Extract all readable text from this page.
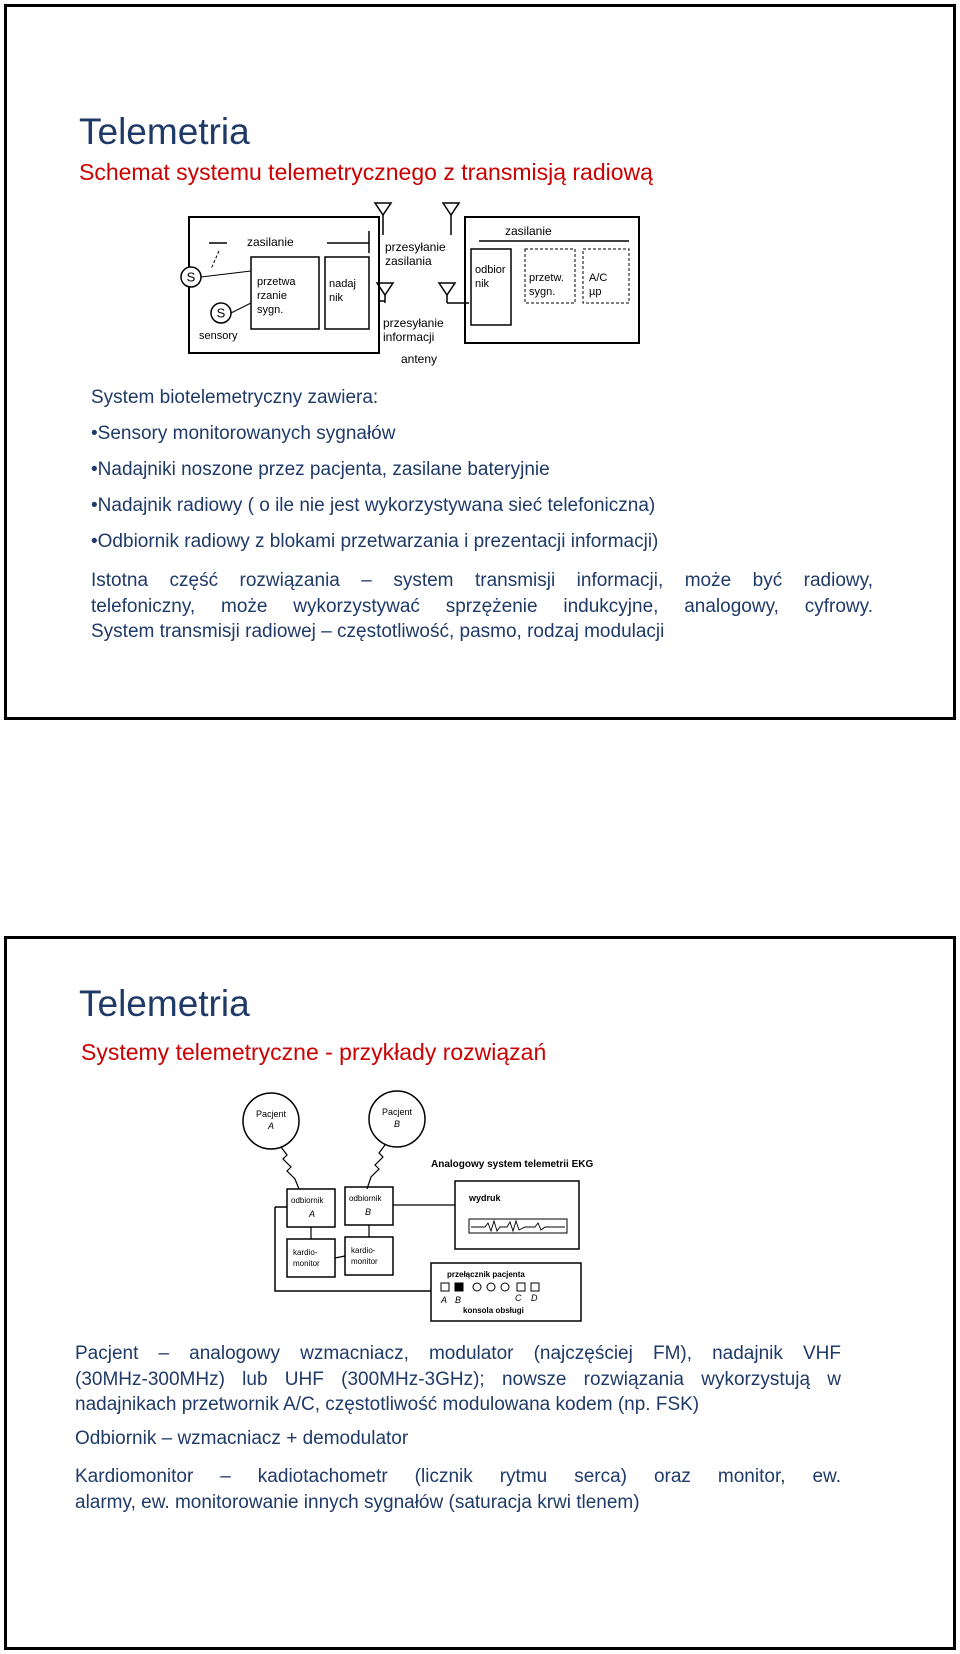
Telemetria
Schemat systemu telemetrycznego z transmisją radiową
zasilanie
S
S
sensory
przetwa
rzanie
sygn.
nadaj
nik
przesyłanie
zasilania
przesyłanie
informacji
anteny
zasilanie
odbior
nik	przetw.
sygn.
A/C
µp
System biotelemetryczny zawiera:
•Sensory monitorowanych sygnałów
•Nadajniki noszone przez pacjenta, zasilane bateryjnie
•Nadajnik radiowy ( o ile nie jest wykorzystywana sieć telefoniczna)
•Odbiornik radiowy z blokami przetwarzania i prezentacji informacji)
Istotna część rozwiązania – system transmisji informacji, może być radiowy,
telefoniczny, może wykorzystywać sprzężenie indukcyjne, analogowy, cyfrowy.
System transmisji radiowej – częstotliwość, pasmo, rodzaj modulacji
Telemetria
Systemy telemetryczne - przykłady rozwiązań
Pacjent
A
Pacjent
B
Analogowy system telemetrii EKG
odbiornik
A
odbiornik
B
kardio-
monitor
kardio-
monitor
wydruk
przełącznik pacjenta
A B	C D
konsola obsługi
Pacjent – analogowy wzmacniacz, modulator (najczęściej FM), nadajnik VHF
(30MHz-300MHz) lub UHF (300MHz-3GHz); nowsze rozwiązania wykorzystują w
nadajnikach przetwornik A/C, częstotliwość modulowana kodem (np. FSK)
Odbiornik – wzmacniacz + demodulator
Kardiomonitor – kadiotachometr (licznik rytmu serca) oraz monitor, ew.
alarmy, ew. monitorowanie innych sygnałów (saturacja krwi tlenem)
